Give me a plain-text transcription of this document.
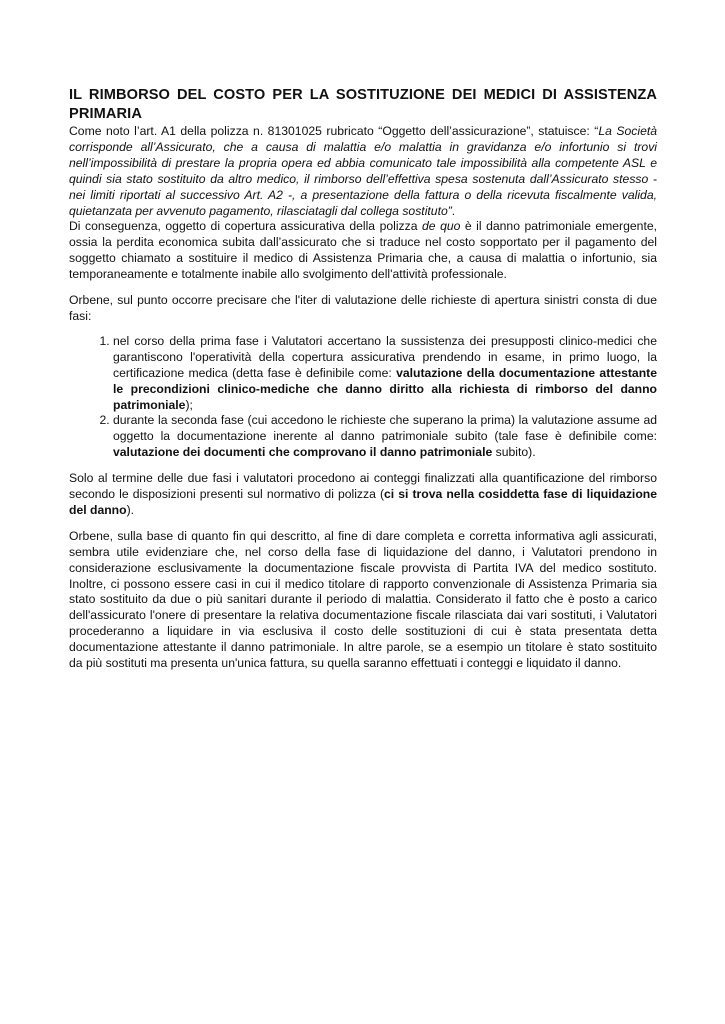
IL RIMBORSO DEL COSTO PER LA SOSTITUZIONE DEI MEDICI DI ASSISTENZA PRIMARIA

Come noto l’art. A1 della polizza n. 81301025 rubricato “Oggetto dell’assicurazione”, statuisce: “La Società corrisponde all’Assicurato, che a causa di malattia e/o malattia in gravidanza e/o infortunio si trovi nell’impossibilità di prestare la propria opera ed abbia comunicato tale impossibilità alla competente ASL e quindi sia stato sostituito da altro medico, il rimborso dell’effettiva spesa sostenuta dall’Assicurato stesso - nei limiti riportati al successivo Art. A2 -, a presentazione della fattura o della ricevuta fiscalmente valida, quietanzata per avvenuto pagamento, rilasciatagli dal collega sostituto”.

Di conseguenza, oggetto di copertura assicurativa della polizza de quo è il danno patrimoniale emergente, ossia la perdita economica subita dall’assicurato che si traduce nel costo sopportato per il pagamento del soggetto chiamato a sostituire il medico di Assistenza Primaria che, a causa di malattia o infortunio, sia temporaneamente e totalmente inabile allo svolgimento dell'attività professionale.

Orbene, sul punto occorre precisare che l'iter di valutazione delle richieste di apertura sinistri consta di due fasi:

1. nel corso della prima fase i Valutatori accertano la sussistenza dei presupposti clinico-medici che garantiscono l'operatività della copertura assicurativa prendendo in esame, in primo luogo, la certificazione medica (detta fase è definibile come: valutazione della documentazione attestante le precondizioni clinico-mediche che danno diritto alla richiesta di rimborso del danno patrimoniale);
2. durante la seconda fase (cui accedono le richieste che superano la prima) la valutazione assume ad oggetto la documentazione inerente al danno patrimoniale subito (tale fase è definibile come: valutazione dei documenti che comprovano il danno patrimoniale subito).

Solo al termine delle due fasi i valutatori procedono ai conteggi finalizzati alla quantificazione del rimborso secondo le disposizioni presenti sul normativo di polizza (ci si trova nella cosiddetta fase di liquidazione del danno).

Orbene, sulla base di quanto fin qui descritto, al fine di dare completa e corretta informativa agli assicurati, sembra utile evidenziare che, nel corso della fase di liquidazione del danno, i Valutatori prendono in considerazione esclusivamente la documentazione fiscale provvista di Partita IVA del medico sostituto. Inoltre, ci possono essere casi in cui il medico titolare di rapporto convenzionale di Assistenza Primaria sia stato sostituito da due o più sanitari durante il periodo di malattia. Considerato il fatto che è posto a carico dell'assicurato l'onere di presentare la relativa documentazione fiscale rilasciata dai vari sostituti, i Valutatori procederanno a liquidare in via esclusiva il costo delle sostituzioni di cui è stata presentata detta documentazione attestante il danno patrimoniale. In altre parole, se a esempio un titolare è stato sostituito da più sostituti ma presenta un'unica fattura, su quella saranno effettuati i conteggi e liquidato il danno.
